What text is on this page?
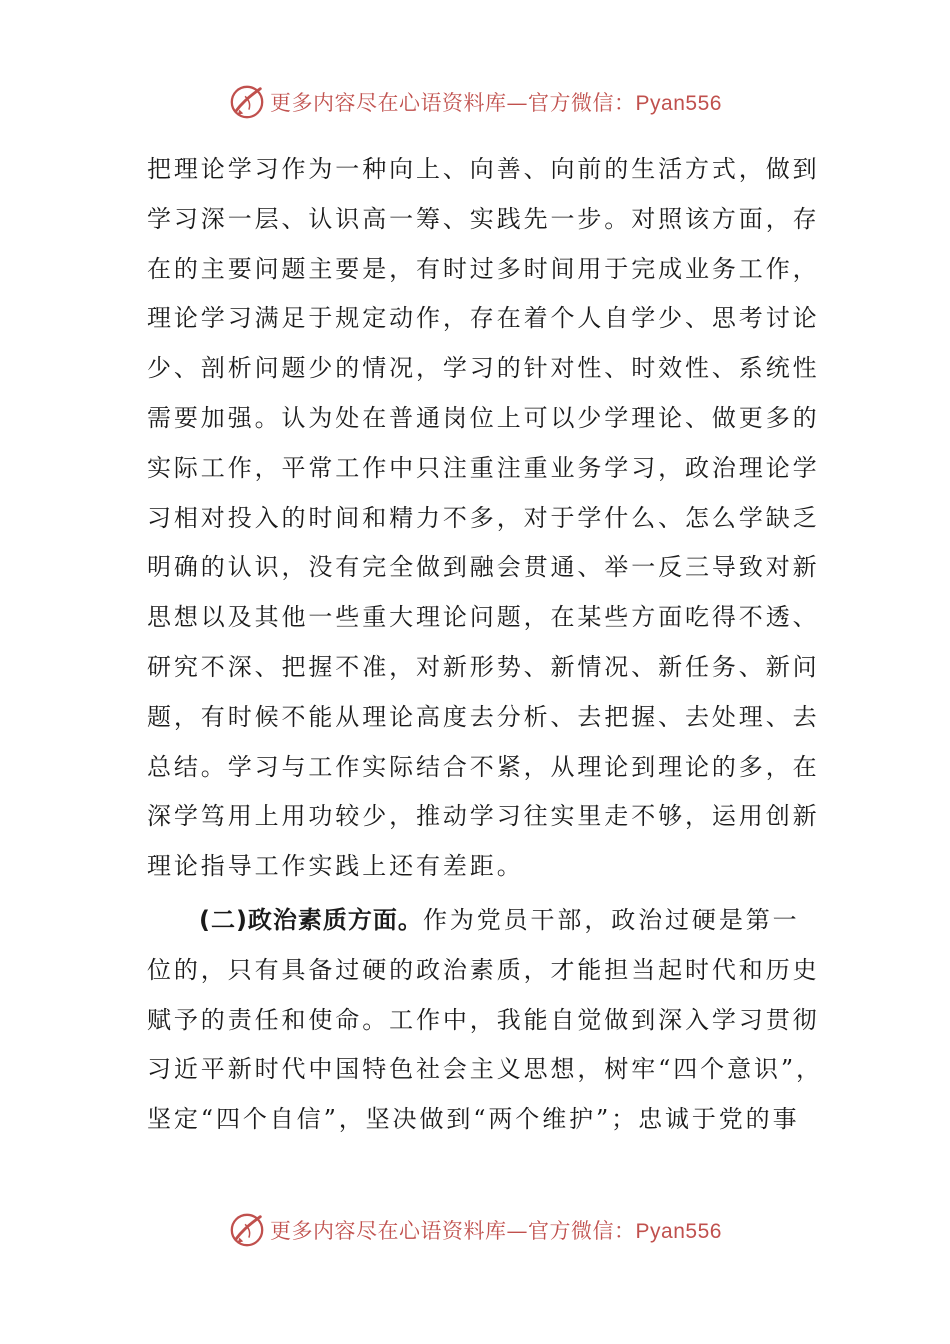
更多内容尽在心语资料库—官方微信：Pyan556
把理论学习作为一种向上、向善、向前的生活方式，做到
学习深一层、认识高一筹、实践先一步。对照该方面，存
在的主要问题主要是，有时过多时间用于完成业务工作，
理论学习满足于规定动作，存在着个人自学少、思考讨论
少、剖析问题少的情况，学习的针对性、时效性、系统性
需要加强。认为处在普通岗位上可以少学理论、做更多的
实际工作，平常工作中只注重注重业务学习，政治理论学
习相对投入的时间和精力不多，对于学什么、怎么学缺乏
明确的认识，没有完全做到融会贯通、举一反三导致对新
思想以及其他一些重大理论问题，在某些方面吃得不透、
研究不深、把握不准，对新形势、新情况、新任务、新问
题，有时候不能从理论高度去分析、去把握、去处理、去
总结。学习与工作实际结合不紧，从理论到理论的多，在
深学笃用上用功较少，推动学习往实里走不够，运用创新
理论指导工作实践上还有差距。
(二)政治素质方面。作为党员干部，政治过硬是第一
位的，只有具备过硬的政治素质，才能担当起时代和历史
赋予的责任和使命。工作中，我能自觉做到深入学习贯彻
习近平新时代中国特色社会主义思想，树牢“四个意识”，
坚定“四个自信”，坚决做到“两个维护”；忠诚于党的事
更多内容尽在心语资料库—官方微信：Pyan556
